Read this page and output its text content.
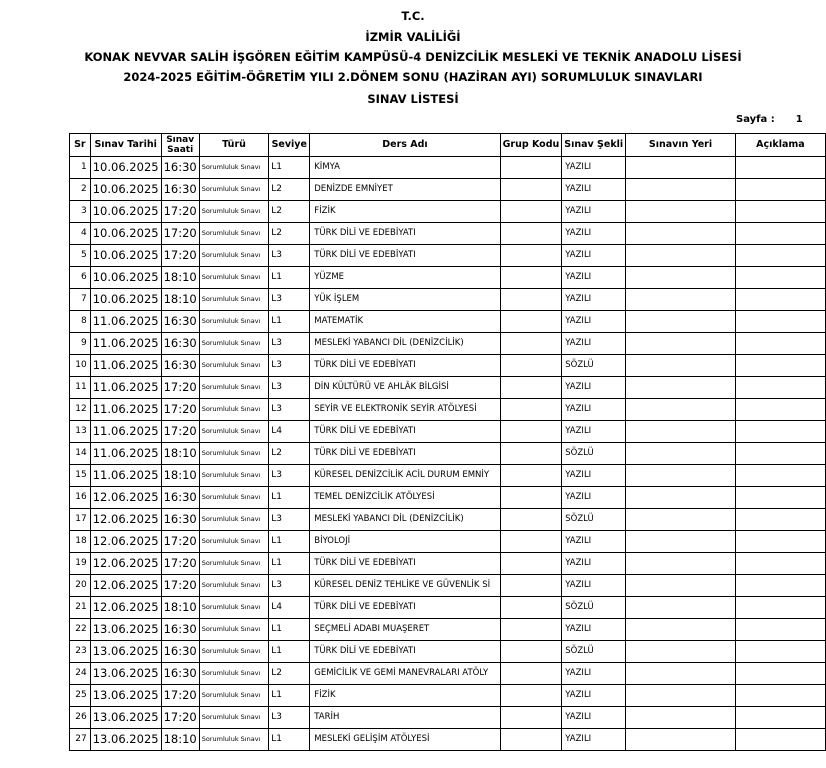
T.C.
İZMİR VALİLİĞİ
KONAK NEVVAR SALİH İŞGÖREN EĞİTİM KAMPÜSÜ-4 DENİZCİLİK MESLEKİ VE TEKNİK ANADOLU LİSESİ
2024-2025 EĞİTİM-ÖĞRETİM YILI 2.DÖNEM SONU (HAZİRAN AYI) SORUMLULUK SINAVLARI
SINAV LİSTESİ
Sayfa : 1
Sr	Sınav Tarihi	Sınav Saati	Türü	Seviye	Ders Adı	Grup Kodu	Sınav Şekli	Sınavın Yeri	Açıklama
1	10.06.2025	16:30	Sorumluluk Sınavı	L1	KİMYA		YAZILI		
2	10.06.2025	16:30	Sorumluluk Sınavı	L2	DENİZDE EMNİYET		YAZILI		
3	10.06.2025	17:20	Sorumluluk Sınavı	L2	FİZİK		YAZILI		
4	10.06.2025	17:20	Sorumluluk Sınavı	L2	TÜRK DİLİ VE EDEBİYATI		YAZILI		
5	10.06.2025	17:20	Sorumluluk Sınavı	L3	TÜRK DİLİ VE EDEBİYATI		YAZILI		
6	10.06.2025	18:10	Sorumluluk Sınavı	L1	YÜZME		YAZILI		
7	10.06.2025	18:10	Sorumluluk Sınavı	L3	YÜK İŞLEM		YAZILI		
8	11.06.2025	16:30	Sorumluluk Sınavı	L1	MATEMATİK		YAZILI		
9	11.06.2025	16:30	Sorumluluk Sınavı	L3	MESLEKİ YABANCI DİL (DENİZCİLİK)		YAZILI		
10	11.06.2025	16:30	Sorumluluk Sınavı	L3	TÜRK DİLİ VE EDEBİYATI		SÖZLÜ		
11	11.06.2025	17:20	Sorumluluk Sınavı	L3	DİN KÜLTÜRÜ VE AHLÂK BİLGİSİ		YAZILI		
12	11.06.2025	17:20	Sorumluluk Sınavı	L3	SEYİR VE ELEKTRONİK SEYİR ATÖLYESİ		YAZILI		
13	11.06.2025	17:20	Sorumluluk Sınavı	L4	TÜRK DİLİ VE EDEBİYATI		YAZILI		
14	11.06.2025	18:10	Sorumluluk Sınavı	L2	TÜRK DİLİ VE EDEBİYATI		SÖZLÜ		
15	11.06.2025	18:10	Sorumluluk Sınavı	L3	KÜRESEL DENİZCİLİK ACİL DURUM EMNİY		YAZILI		
16	12.06.2025	16:30	Sorumluluk Sınavı	L1	TEMEL DENİZCİLİK ATÖLYESİ		YAZILI		
17	12.06.2025	16:30	Sorumluluk Sınavı	L3	MESLEKİ YABANCI DİL (DENİZCİLİK)		SÖZLÜ		
18	12.06.2025	17:20	Sorumluluk Sınavı	L1	BİYOLOJİ		YAZILI		
19	12.06.2025	17:20	Sorumluluk Sınavı	L1	TÜRK DİLİ VE EDEBİYATI		YAZILI		
20	12.06.2025	17:20	Sorumluluk Sınavı	L3	KÜRESEL DENİZ TEHLİKE VE GÜVENLİK Sİ		YAZILI		
21	12.06.2025	18:10	Sorumluluk Sınavı	L4	TÜRK DİLİ VE EDEBİYATI		SÖZLÜ		
22	13.06.2025	16:30	Sorumluluk Sınavı	L1	SEÇMELİ ADABI MUAŞERET		YAZILI		
23	13.06.2025	16:30	Sorumluluk Sınavı	L1	TÜRK DİLİ VE EDEBİYATI		SÖZLÜ		
24	13.06.2025	16:30	Sorumluluk Sınavı	L2	GEMİCİLİK VE GEMİ MANEVRALARI ATÖLY		YAZILI		
25	13.06.2025	17:20	Sorumluluk Sınavı	L1	FİZİK		YAZILI		
26	13.06.2025	17:20	Sorumluluk Sınavı	L3	TARİH		YAZILI		
27	13.06.2025	18:10	Sorumluluk Sınavı	L1	MESLEKİ GELİŞİM ATÖLYESİ		YAZILI		
